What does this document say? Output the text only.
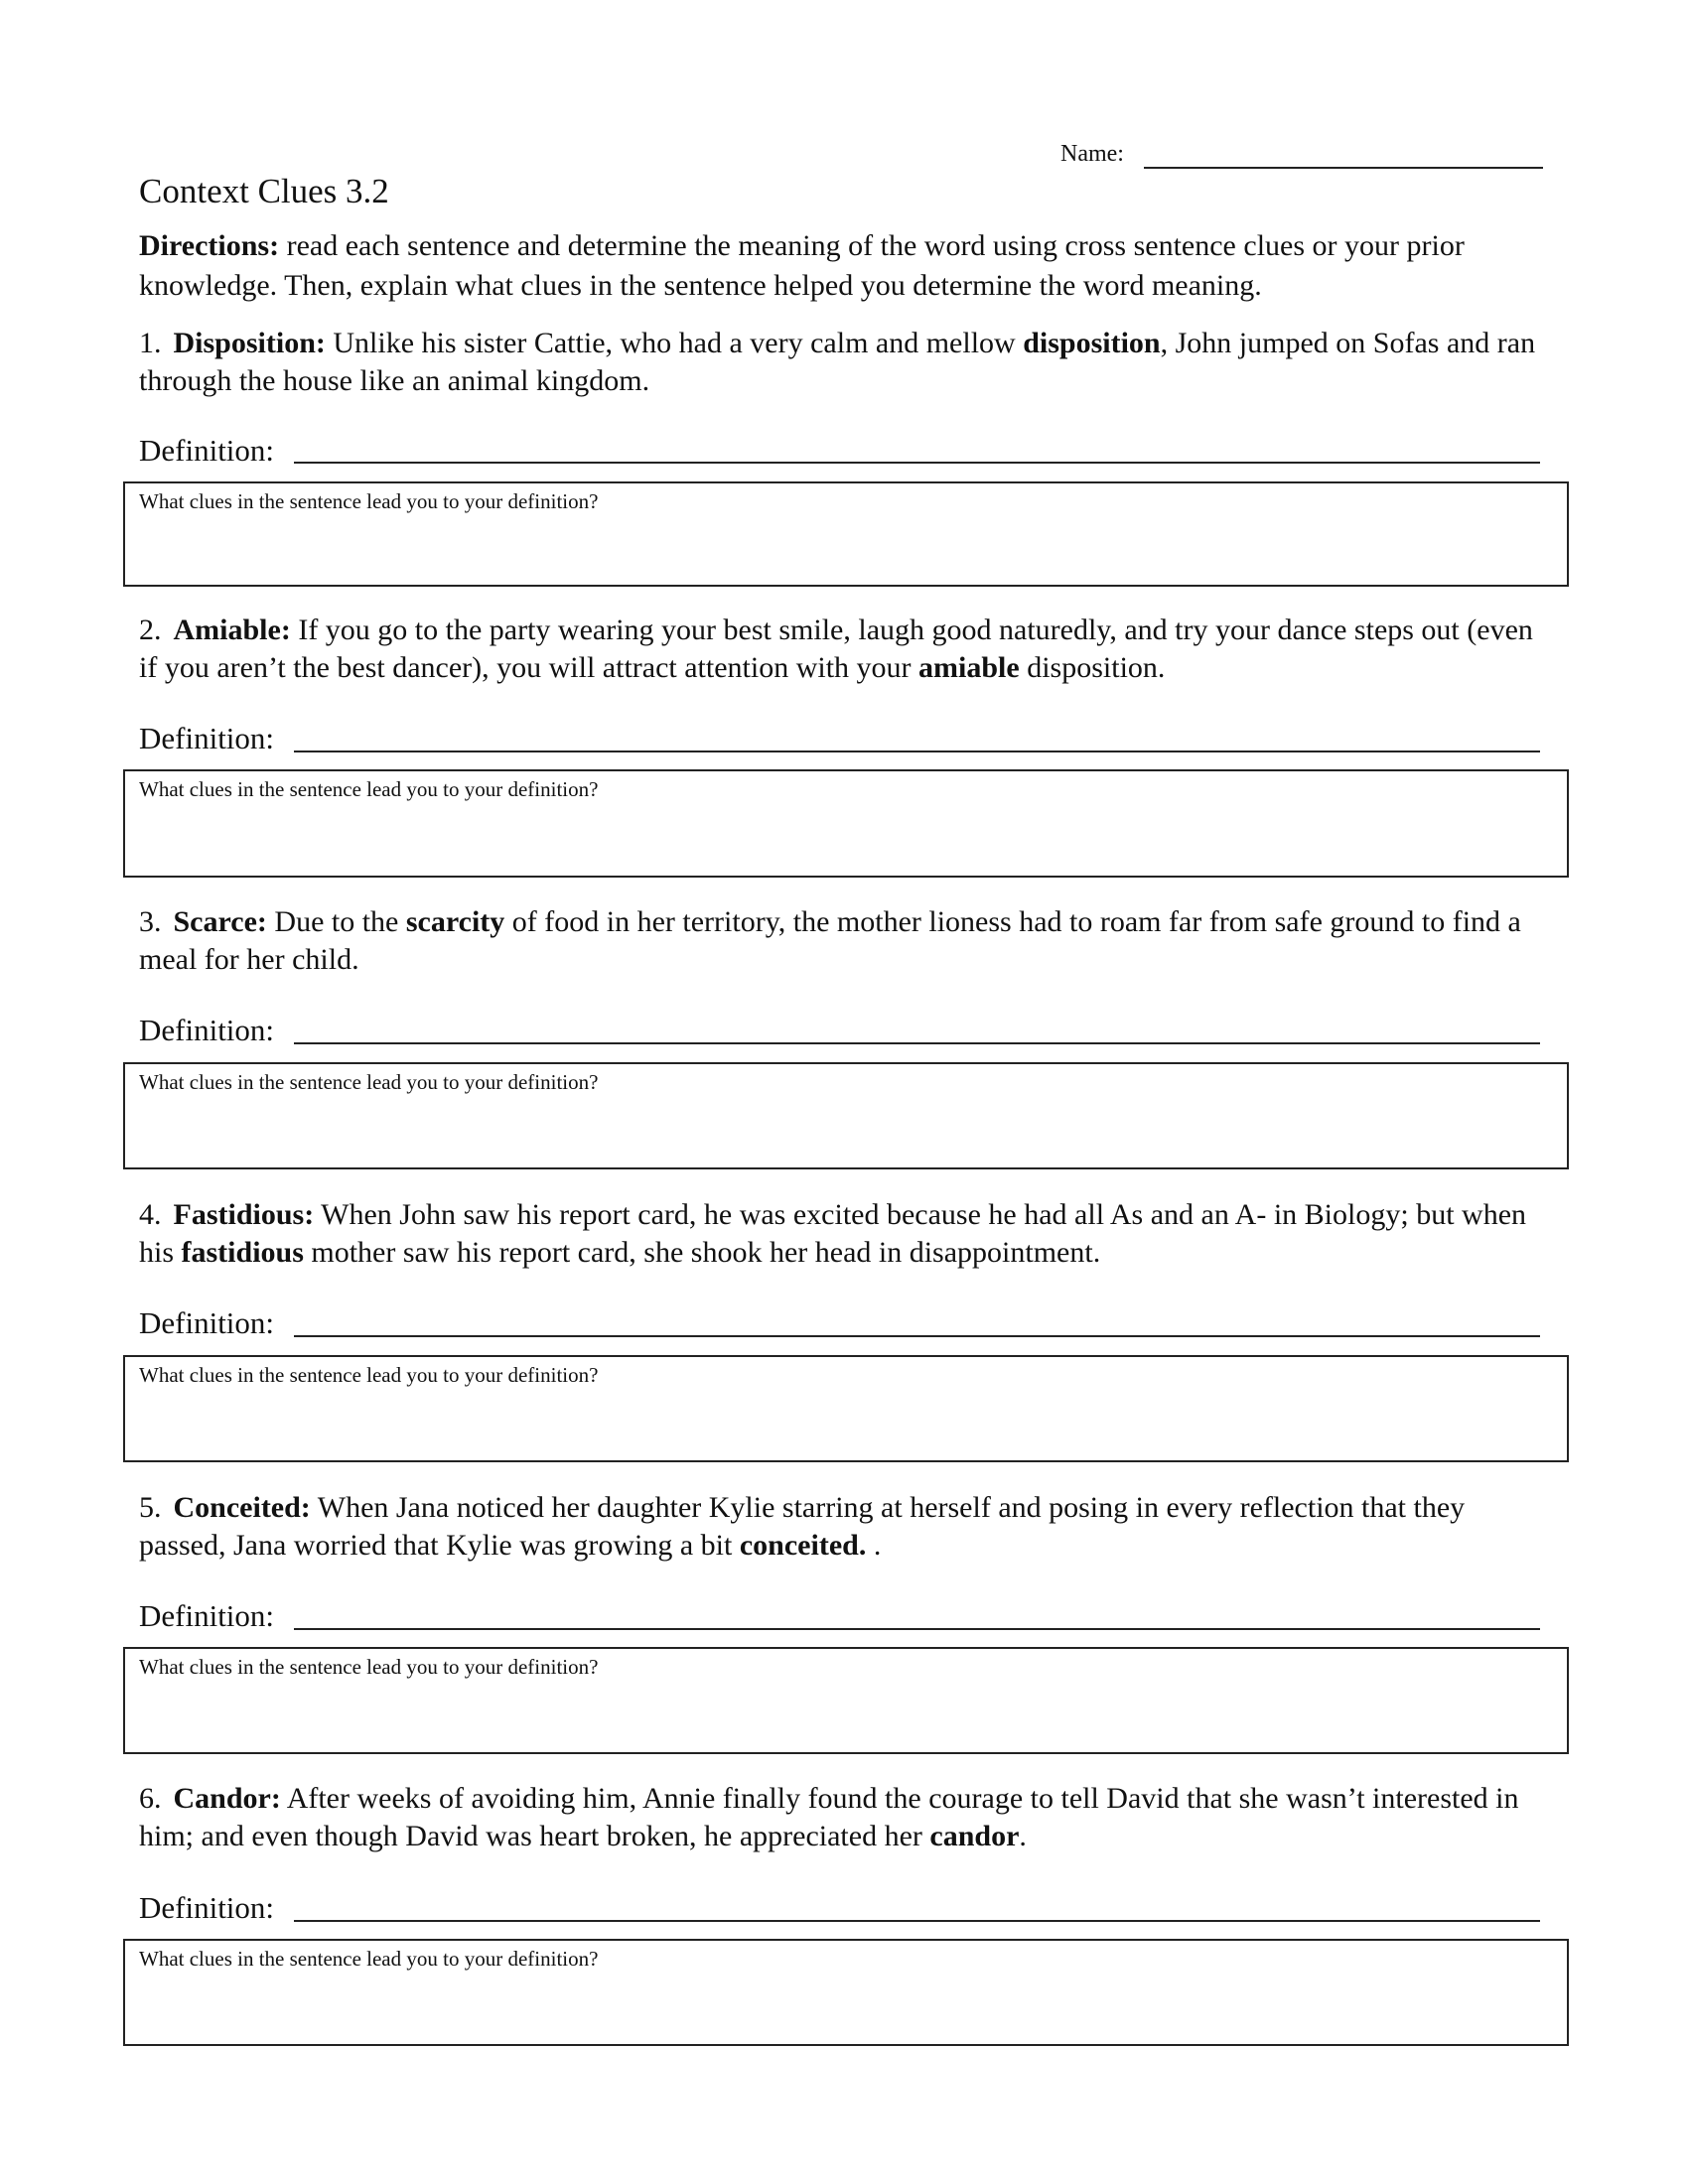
Name:
Context Clues 3.2
Directions: read each sentence and determine the meaning of the word using cross sentence clues or your prior knowledge. Then, explain what clues in the sentence helped you determine the word meaning.
1. Disposition: Unlike his sister Cattie, who had a very calm and mellow disposition, John jumped on Sofas and ran through the house like an animal kingdom.
Definition:
What clues in the sentence lead you to your definition?
2. Amiable: If you go to the party wearing your best smile, laugh good naturedly, and try your dance steps out (even if you aren’t the best dancer), you will attract attention with your amiable disposition.
Definition:
What clues in the sentence lead you to your definition?
3. Scarce: Due to the scarcity of food in her territory, the mother lioness had to roam far from safe ground to find a meal for her child.
Definition:
What clues in the sentence lead you to your definition?
4. Fastidious: When John saw his report card, he was excited because he had all As and an A- in Biology; but when his fastidious mother saw his report card, she shook her head in disappointment.
Definition:
What clues in the sentence lead you to your definition?
5. Conceited: When Jana noticed her daughter Kylie starring at herself and posing in every reflection that they passed, Jana worried that Kylie was growing a bit conceited. .
Definition:
What clues in the sentence lead you to your definition?
6. Candor: After weeks of avoiding him, Annie finally found the courage to tell David that she wasn’t interested in him; and even though David was heart broken, he appreciated her candor.
Definition:
What clues in the sentence lead you to your definition?
